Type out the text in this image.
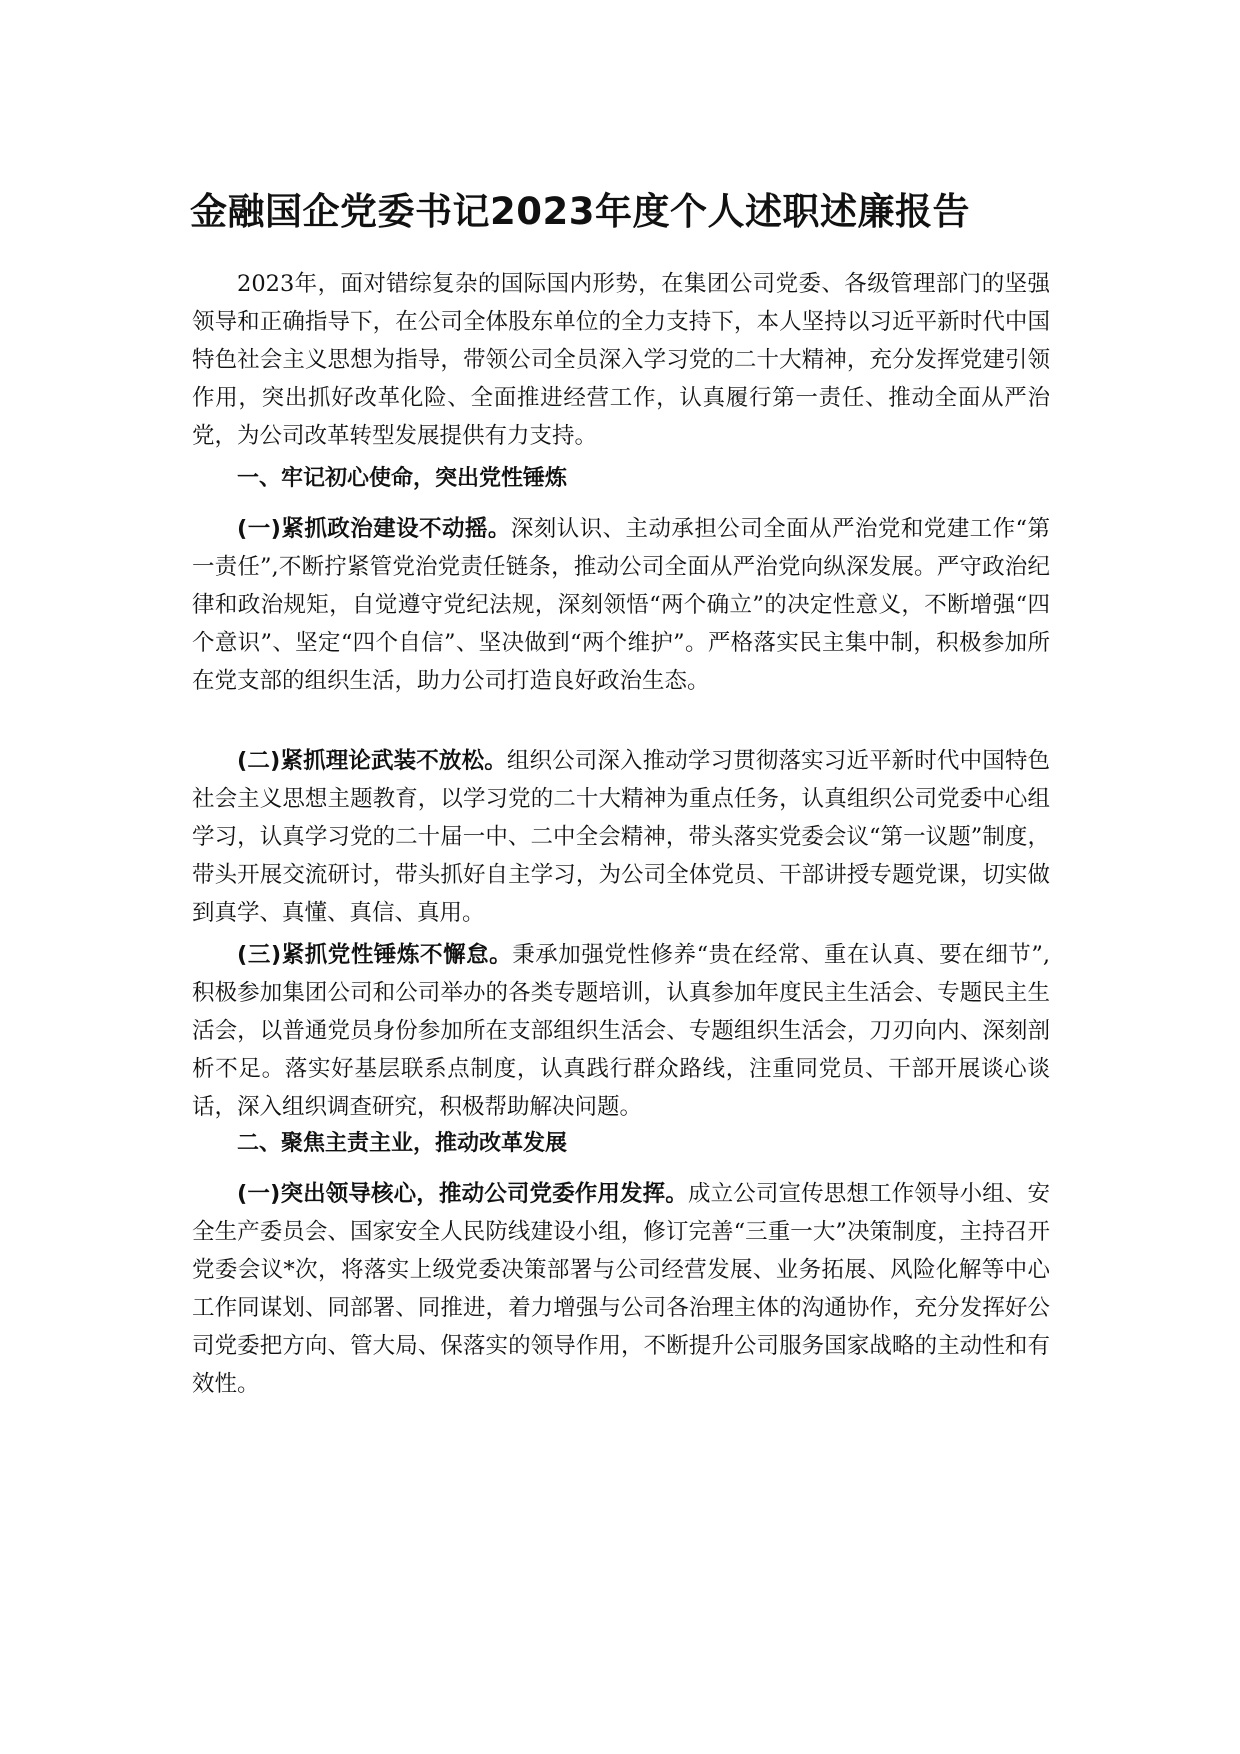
金融国企党委书记2023年度个人述职述廉报告

2023年，面对错综复杂的国际国内形势，在集团公司党委、各级管理部门的坚强领导和正确指导下，在公司全体股东单位的全力支持下，本人坚持以习近平新时代中国特色社会主义思想为指导，带领公司全员深入学习党的二十大精神，充分发挥党建引领作用，突出抓好改革化险、全面推进经营工作，认真履行第一责任、推动全面从严治党，为公司改革转型发展提供有力支持。

一、牢记初心使命，突出党性锤炼

(一)紧抓政治建设不动摇。深刻认识、主动承担公司全面从严治党和党建工作“第一责任”,不断拧紧管党治党责任链条，推动公司全面从严治党向纵深发展。严守政治纪律和政治规矩，自觉遵守党纪法规，深刻领悟“两个确立”的决定性意义，不断增强“四个意识”、坚定“四个自信”、坚决做到“两个维护”。严格落实民主集中制，积极参加所在党支部的组织生活，助力公司打造良好政治生态。

(二)紧抓理论武装不放松。组织公司深入推动学习贯彻落实习近平新时代中国特色社会主义思想主题教育，以学习党的二十大精神为重点任务，认真组织公司党委中心组学习，认真学习党的二十届一中、二中全会精神，带头落实党委会议“第一议题”制度，带头开展交流研讨，带头抓好自主学习，为公司全体党员、干部讲授专题党课，切实做到真学、真懂、真信、真用。

(三)紧抓党性锤炼不懈怠。秉承加强党性修养“贵在经常、重在认真、要在细节”,积极参加集团公司和公司举办的各类专题培训，认真参加年度民主生活会、专题民主生活会，以普通党员身份参加所在支部组织生活会、专题组织生活会，刀刃向内、深刻剖析不足。落实好基层联系点制度，认真践行群众路线，注重同党员、干部开展谈心谈话，深入组织调查研究，积极帮助解决问题。

二、聚焦主责主业，推动改革发展

(一)突出领导核心，推动公司党委作用发挥。成立公司宣传思想工作领导小组、安全生产委员会、国家安全人民防线建设小组，修订完善“三重一大”决策制度，主持召开党委会议*次，将落实上级党委决策部署与公司经营发展、业务拓展、风险化解等中心工作同谋划、同部署、同推进，着力增强与公司各治理主体的沟通协作，充分发挥好公司党委把方向、管大局、保落实的领导作用，不断提升公司服务国家战略的主动性和有效性。
